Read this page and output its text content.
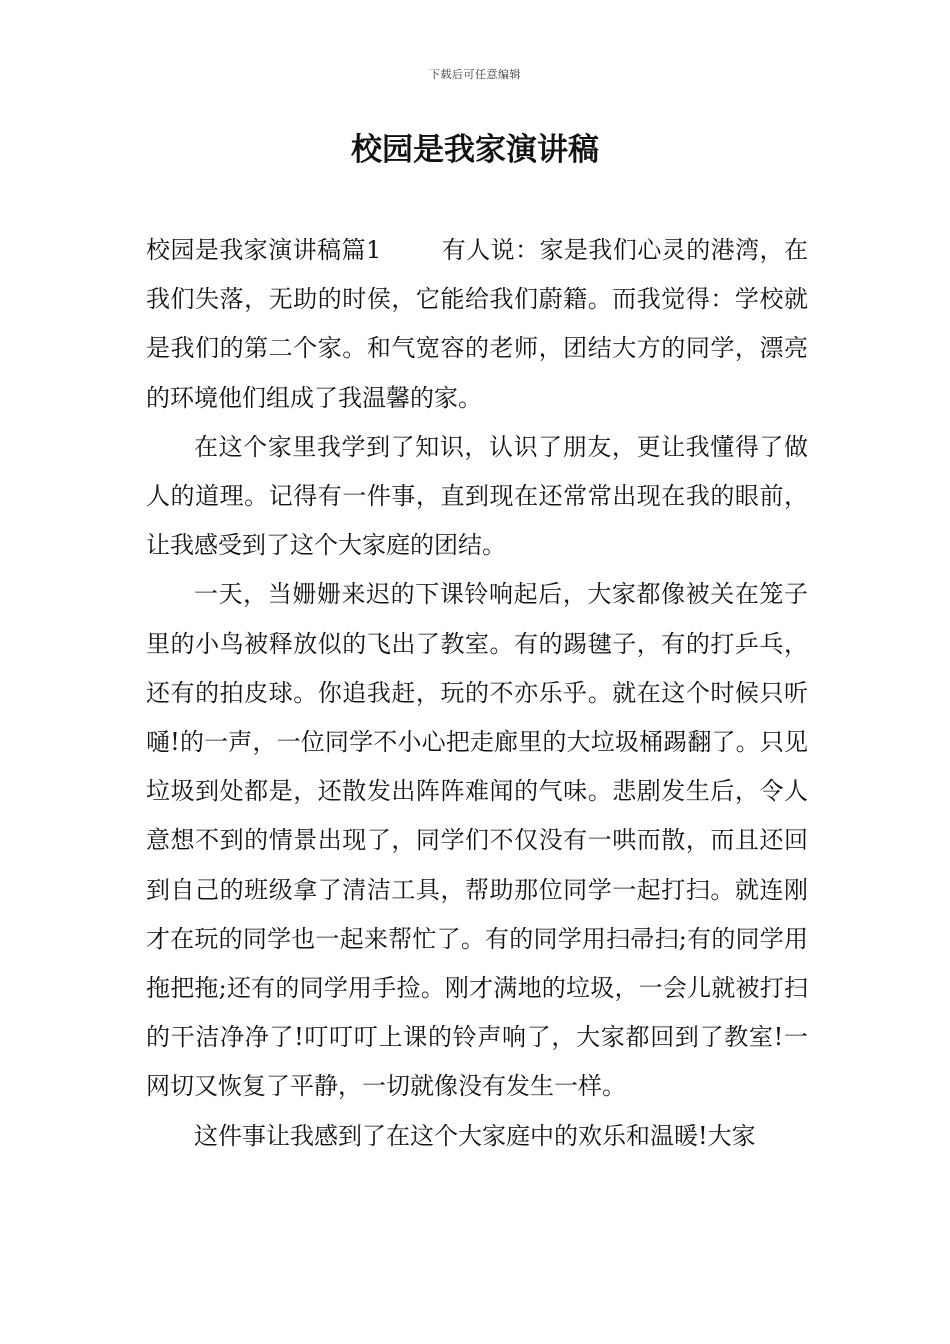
下载后可任意编辑
校园是我家演讲稿

校园是我家演讲稿篇1	有人说：家是我们心灵的港湾，在我们失落，无助的时侯，它能给我们蔚籍。而我觉得：学校就是我们的第二个家。和气宽容的老师，团结大方的同学，漂亮的环境他们组成了我温馨的家。

在这个家里我学到了知识，认识了朋友，更让我懂得了做人的道理。记得有一件事，直到现在还常常出现在我的眼前，让我感受到了这个大家庭的团结。

一天，当姗姗来迟的下课铃响起后，大家都像被关在笼子里的小鸟被释放似的飞出了教室。有的踢毽子，有的打乒乓，还有的拍皮球。你追我赶，玩的不亦乐乎。就在这个时候只听嗵!的一声，一位同学不小心把走廊里的大垃圾桶踢翻了。只见垃圾到处都是，还散发出阵阵难闻的气味。悲剧发生后，令人意想不到的情景出现了，同学们不仅没有一哄而散，而且还回到自己的班级拿了清洁工具，帮助那位同学一起打扫。就连刚才在玩的同学也一起来帮忙了。有的同学用扫帚扫;有的同学用拖把拖;还有的同学用手捡。刚才满地的垃圾，一会儿就被打扫的干洁净净了!叮叮叮上课的铃声响了，大家都回到了教室!一网切又恢复了平静，一切就像没有发生一样。

这件事让我感到了在这个大家庭中的欢乐和温暖!大家
